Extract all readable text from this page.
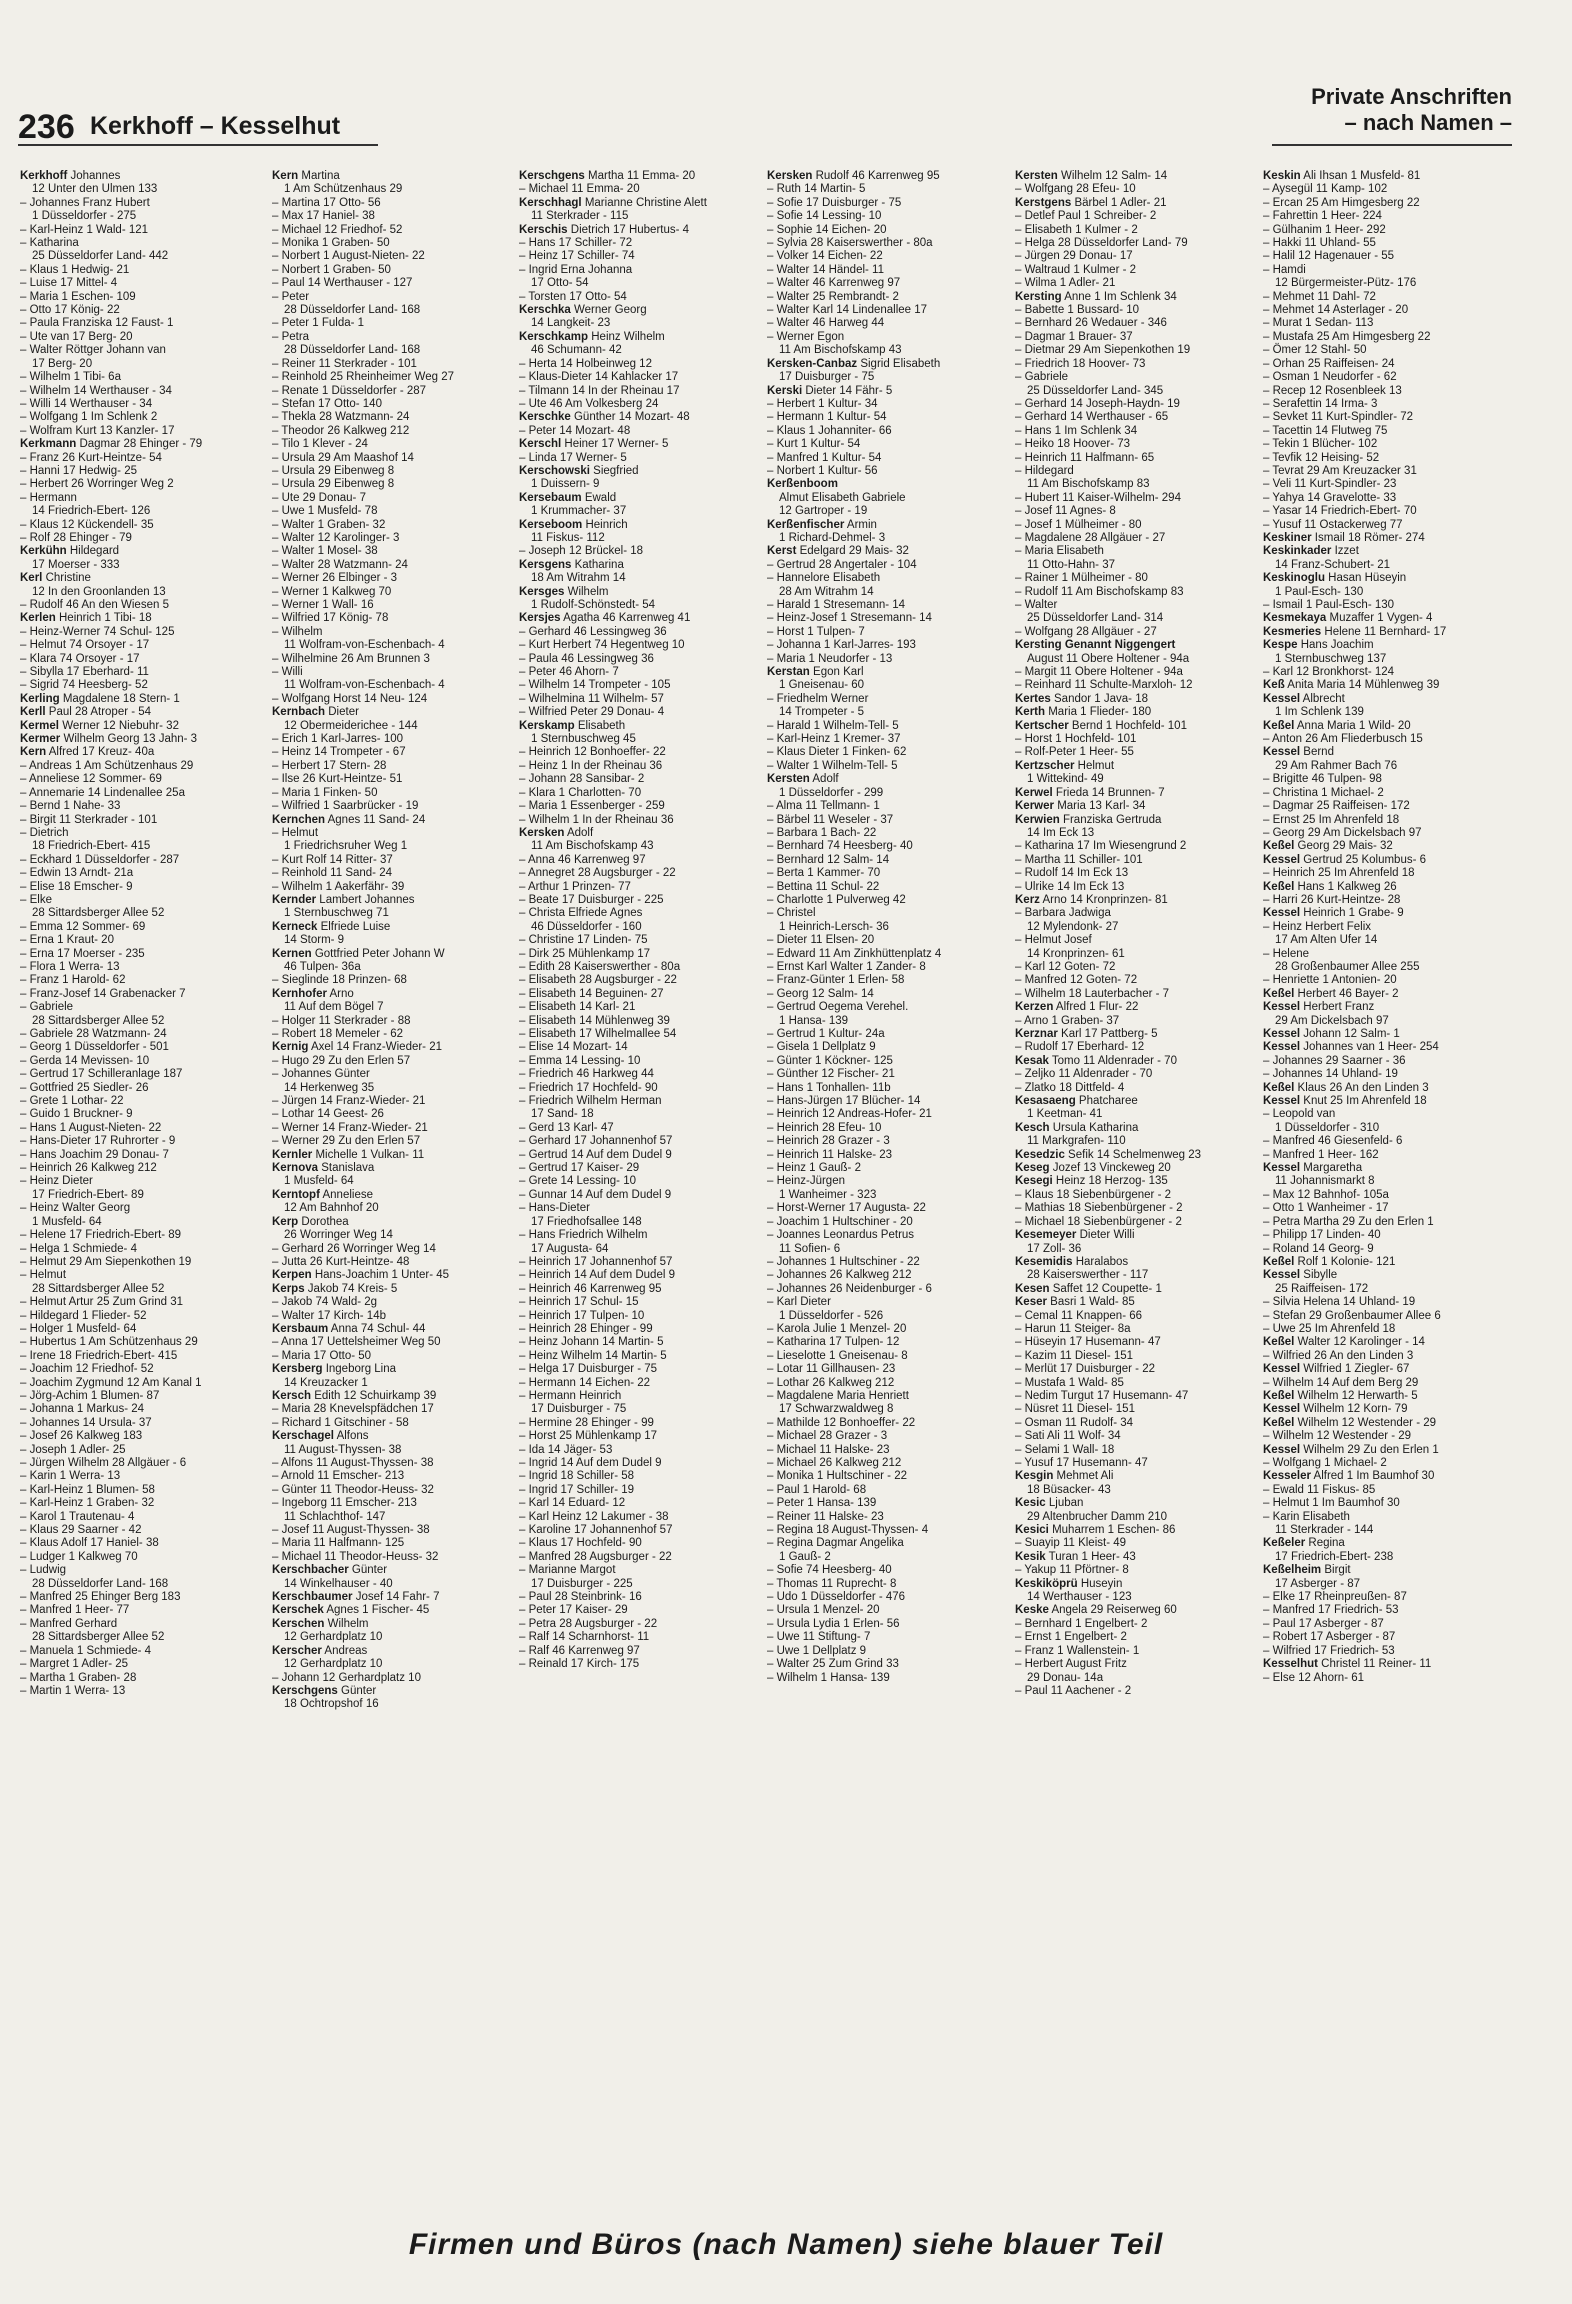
236 Kerkhoff – Kesselhut
Private Anschriften
– nach Namen –
Kerkhoff Johannes
12 Unter den Ulmen 133
– Johannes Franz Hubert
1 Düsseldorfer - 275
– Karl-Heinz 1 Wald- 121
– Katharina
25 Düsseldorfer Land- 442
– Klaus 1 Hedwig- 21
– Luise 17 Mittel- 4
– Maria 1 Eschen- 109
– Otto 17 König- 22
– Paula Franziska 12 Faust- 1
– Ute van 17 Berg- 20
– Walter Röttger Johann van
17 Berg- 20
– Wilhelm 1 Tibi- 6a
– Wilhelm 14 Werthauser - 34
– Willi 14 Werthauser - 34
– Wolfgang 1 Im Schlenk 2
– Wolfram Kurt 13 Kanzler- 17
Kerkmann Dagmar 28 Ehinger - 79
– Franz 26 Kurt-Heintze- 54
– Hanni 17 Hedwig- 25
– Herbert 26 Worringer Weg 2
– Hermann
14 Friedrich-Ebert- 126
– Klaus 12 Kückendell- 35
– Rolf 28 Ehinger - 79
Kerkühn Hildegard
17 Moerser - 333
Kerl Christine
12 In den Groonlanden 13
– Rudolf 46 An den Wiesen 5
Kerlen Heinrich 1 Tibi- 18
– Heinz-Werner 74 Schul- 125
– Helmut 74 Orsoyer - 17
– Klara 74 Orsoyer - 17
– Sibylla 17 Eberhard- 11
– Sigrid 74 Heesberg- 52
Kerling Magdalene 18 Stern- 1
Kerll Paul 28 Atroper - 54
Kermel Werner 12 Niebuhr- 32
Kermer Wilhelm Georg 13 Jahn- 3
Kern Alfred 17 Kreuz- 40a
– Andreas 1 Am Schützenhaus 29
– Anneliese 12 Sommer- 69
– Annemarie 14 Lindenallee 25a
– Bernd 1 Nahe- 33
– Birgit 11 Sterkrader - 101
– Dietrich
18 Friedrich-Ebert- 415
– Eckhard 1 Düsseldorfer - 287
– Edwin 13 Arndt- 21a
– Elise 18 Emscher- 9
– Elke
28 Sittardsberger Allee 52
– Emma 12 Sommer- 69
– Erna 1 Kraut- 20
– Erna 17 Moerser - 235
– Flora 1 Werra- 13
– Franz 1 Harold- 62
– Franz-Josef 14 Grabenacker 7
– Gabriele
28 Sittardsberger Allee 52
– Gabriele 28 Watzmann- 24
– Georg 1 Düsseldorfer - 501
– Gerda 14 Mevissen- 10
– Gertrud 17 Schilleranlage 187
– Gottfried 25 Siedler- 26
– Grete 1 Lothar- 22
– Guido 1 Bruckner- 9
– Hans 1 August-Nieten- 22
– Hans-Dieter 17 Ruhrorter - 9
– Hans Joachim 29 Donau- 7
– Heinrich 26 Kalkweg 212
– Heinz Dieter
17 Friedrich-Ebert- 89
– Heinz Walter Georg
1 Musfeld- 64
– Helene 17 Friedrich-Ebert- 89
– Helga 1 Schmiede- 4
– Helmut 29 Am Siepenkothen 19
– Helmut
28 Sittardsberger Allee 52
– Helmut Artur 25 Zum Grind 31
– Hildegard 1 Flieder- 52
– Holger 1 Musfeld- 64
– Hubertus 1 Am Schützenhaus 29
– Irene 18 Friedrich-Ebert- 415
– Joachim 12 Friedhof- 52
– Joachim Zygmund 12 Am Kanal 1
– Jörg-Achim 1 Blumen- 87
– Johanna 1 Markus- 24
– Johannes 14 Ursula- 37
– Josef 26 Kalkweg 183
– Joseph 1 Adler- 25
– Jürgen Wilhelm 28 Allgäuer - 6
– Karin 1 Werra- 13
– Karl-Heinz 1 Blumen- 58
– Karl-Heinz 1 Graben- 32
– Karol 1 Trautenau- 4
– Klaus 29 Saarner - 42
– Klaus Adolf 17 Haniel- 38
– Ludger 1 Kalkweg 70
– Ludwig
28 Düsseldorfer Land- 168
– Manfred 25 Ehinger Berg 183
– Manfred 1 Heer- 77
– Manfred Gerhard
28 Sittardsberger Allee 52
– Manuela 1 Schmiede- 4
– Margret 1 Adler- 25
– Martha 1 Graben- 28
– Martin 1 Werra- 13
Kern Martina
1 Am Schützenhaus 29
– Martina 17 Otto- 56
– Max 17 Haniel- 38
– Michael 12 Friedhof- 52
– Monika 1 Graben- 50
– Norbert 1 August-Nieten- 22
– Norbert 1 Graben- 50
– Paul 14 Werthauser - 127
– Peter
28 Düsseldorfer Land- 168
– Peter 1 Fulda- 1
– Petra
28 Düsseldorfer Land- 168
– Reiner 11 Sterkrader - 101
– Reinhold 25 Rheinheimer Weg 27
– Renate 1 Düsseldorfer - 287
– Stefan 17 Otto- 140
– Thekla 28 Watzmann- 24
– Theodor 26 Kalkweg 212
– Tilo 1 Klever - 24
– Ursula 29 Am Maashof 14
– Ursula 29 Eibenweg 8
– Ursula 29 Eibenweg 8
– Ute 29 Donau- 7
– Uwe 1 Musfeld- 78
– Walter 1 Graben- 32
– Walter 12 Karolinger- 3
– Walter 1 Mosel- 38
– Walter 28 Watzmann- 24
– Werner 26 Elbinger - 3
– Werner 1 Kalkweg 70
– Werner 1 Wall- 16
– Wilfried 17 König- 78
– Wilhelm
11 Wolfram-von-Eschenbach- 4
– Wilhelmine 26 Am Brunnen 3
– Willi
11 Wolfram-von-Eschenbach- 4
– Wolfgang Horst 14 Neu- 124
Kernbach Dieter
12 Obermeiderichee - 144
– Erich 1 Karl-Jarres- 100
– Heinz 14 Trompeter - 67
– Herbert 17 Stern- 28
– Ilse 26 Kurt-Heintze- 51
– Maria 1 Finken- 50
– Wilfried 1 Saarbrücker - 19
Kernchen Agnes 11 Sand- 24
– Helmut
1 Friedrichsruher Weg 1
– Kurt Rolf 14 Ritter- 37
– Reinhold 11 Sand- 24
– Wilhelm 1 Aakerfähr- 39
Kernder Lambert Johannes
1 Sternbuschweg 71
Kerneck Elfriede Luise
14 Storm- 9
Kernen Gottfried Peter Johann W
46 Tulpen- 36a
– Sieglinde 18 Prinzen- 68
Kernhofer Arno
11 Auf dem Bögel 7
– Holger 11 Sterkrader - 88
– Robert 18 Memeler - 62
Kernig Axel 14 Franz-Wieder- 21
– Hugo 29 Zu den Erlen 57
– Johannes Günter
14 Herkenweg 35
– Jürgen 14 Franz-Wieder- 21
– Lothar 14 Geest- 26
– Werner 14 Franz-Wieder- 21
– Werner 29 Zu den Erlen 57
Kernler Michelle 1 Vulkan- 11
Kernova Stanislava
1 Musfeld- 64
Kerntopf Anneliese
12 Am Bahnhof 20
Kerp Dorothea
26 Worringer Weg 14
– Gerhard 26 Worringer Weg 14
– Jutta 26 Kurt-Heintze- 48
Kerpen Hans-Joachim 1 Unter- 45
Kerps Jakob 74 Kreis- 5
– Jakob 74 Wald- 2g
– Walter 17 Kirch- 14b
Kersbaum Anna 74 Schul- 44
– Anna 17 Uettelsheimer Weg 50
– Maria 17 Otto- 50
Kersberg Ingeborg Lina
14 Kreuzacker 1
Kersch Edith 12 Schuirkamp 39
– Maria 28 Knevelspfädchen 17
– Richard 1 Gitschiner - 58
Kerschagel Alfons
11 August-Thyssen- 38
– Alfons 11 August-Thyssen- 38
– Arnold 11 Emscher- 213
– Günter 11 Theodor-Heuss- 32
– Ingeborg 11 Emscher- 213
11 Schlachthof- 147
– Josef 11 August-Thyssen- 38
– Maria 11 Halfmann- 125
– Michael 11 Theodor-Heuss- 32
Kerschbacher Günter
14 Winkelhauser - 40
Kerschbaumer Josef 14 Fahr- 7
Kerschek Agnes 1 Fischer- 45
Kerschen Wilhelm
12 Gerhardplatz 10
Kerscher Andreas
12 Gerhardplatz 10
– Johann 12 Gerhardplatz 10
Kerschgens Günter
18 Ochtropshof 16
Kerschgens Martha 11 Emma- 20
– Michael 11 Emma- 20
Kerschhagl Marianne Christine Alett
11 Sterkrader - 115
Kerschis Dietrich 17 Hubertus- 4
– Hans 17 Schiller- 72
– Heinz 17 Schiller- 74
– Ingrid Erna Johanna
17 Otto- 54
– Torsten 17 Otto- 54
Kerschka Werner Georg
14 Langkeit- 23
Kerschkamp Heinz Wilhelm
46 Schumann- 42
– Herta 14 Holbeinweg 12
– Klaus-Dieter 14 Kahlacker 17
– Tilmann 14 In der Rheinau 17
– Ute 46 Am Volkesberg 24
Kerschke Günther 14 Mozart- 48
– Peter 14 Mozart- 48
Kerschl Heiner 17 Werner- 5
– Linda 17 Werner- 5
Kerschowski Siegfried
1 Duissern- 9
Kersebaum Ewald
1 Krummacher- 37
Kerseboom Heinrich
11 Fiskus- 112
– Joseph 12 Brückel- 18
Kersgens Katharina
18 Am Witrahm 14
Kersges Wilhelm
1 Rudolf-Schönstedt- 54
Kersjes Agatha 46 Karrenweg 41
– Gerhard 46 Lessingweg 36
– Kurt Herbert 74 Hegentweg 10
– Paula 46 Lessingweg 36
– Peter 46 Ahorn- 7
– Wilhelm 14 Trompeter - 105
– Wilhelmina 11 Wilhelm- 57
– Wilfried Peter 29 Donau- 4
Kerskamp Elisabeth
1 Sternbuschweg 45
– Heinrich 12 Bonhoeffer- 22
– Heinz 1 In der Rheinau 36
– Johann 28 Sansibar- 2
– Klara 1 Charlotten- 70
– Maria 1 Essenberger - 259
– Wilhelm 1 In der Rheinau 36
Kersken Adolf
11 Am Bischofskamp 43
– Anna 46 Karrenweg 97
– Annegret 28 Augsburger - 22
– Arthur 1 Prinzen- 77
– Beate 17 Duisburger - 225
– Christa Elfriede Agnes
46 Düsseldorfer - 160
– Christine 17 Linden- 75
– Dirk 25 Mühlenkamp 17
– Edith 28 Kaiserswerther - 80a
– Elisabeth 28 Augsburger - 22
– Elisabeth 14 Beguinen- 27
– Elisabeth 14 Karl- 21
– Elisabeth 14 Mühlenweg 39
– Elisabeth 17 Wilhelmallee 54
– Elise 14 Mozart- 14
– Emma 14 Lessing- 10
– Friedrich 46 Harkweg 44
– Friedrich 17 Hochfeld- 90
– Friedrich Wilhelm Herman
17 Sand- 18
– Gerd 13 Karl- 47
– Gerhard 17 Johannenhof 57
– Gertrud 14 Auf dem Dudel 9
– Gertrud 17 Kaiser- 29
– Grete 14 Lessing- 10
– Gunnar 14 Auf dem Dudel 9
– Hans-Dieter
17 Friedhofsallee 148
– Hans Friedrich Wilhelm
17 Augusta- 64
– Heinrich 17 Johannenhof 57
– Heinrich 14 Auf dem Dudel 9
– Heinrich 46 Karrenweg 95
– Heinrich 17 Schul- 15
– Heinrich 17 Tulpen- 10
– Heinrich 28 Ehinger - 99
– Heinz Johann 14 Martin- 5
– Heinz Wilhelm 14 Martin- 5
– Helga 17 Duisburger - 75
– Hermann 14 Eichen- 22
– Hermann Heinrich
17 Duisburger - 75
– Hermine 28 Ehinger - 99
– Horst 25 Mühlenkamp 17
– Ida 14 Jäger- 53
– Ingrid 14 Auf dem Dudel 9
– Ingrid 18 Schiller- 58
– Ingrid 17 Schiller- 19
– Karl 14 Eduard- 12
– Karl Heinz 12 Lakumer - 38
– Karoline 17 Johannenhof 57
– Klaus 17 Hochfeld- 90
– Manfred 28 Augsburger - 22
– Marianne Margot
17 Duisburger - 225
– Paul 28 Steinbrink- 16
– Peter 17 Kaiser- 29
– Petra 28 Augsburger - 22
– Ralf 14 Scharnhorst- 11
– Ralf 46 Karrenweg 97
– Reinald 17 Kirch- 175
Kersken Rudolf 46 Karrenweg 95
– Ruth 14 Martin- 5
– Sofie 17 Duisburger - 75
– Sofie 14 Lessing- 10
– Sophie 14 Eichen- 20
– Sylvia 28 Kaiserswerther - 80a
– Volker 14 Eichen- 22
– Walter 14 Händel- 11
– Walter 46 Karrenweg 97
– Walter 25 Rembrandt- 2
– Walter Karl 14 Lindenallee 17
– Walter 46 Harweg 44
– Werner Egon
11 Am Bischofskamp 43
Kersken-Canbaz Sigrid Elisabeth
17 Duisburger - 75
Kerski Dieter 14 Fähr- 5
– Herbert 1 Kultur- 34
– Hermann 1 Kultur- 54
– Klaus 1 Johanniter- 66
– Kurt 1 Kultur- 54
– Manfred 1 Kultur- 54
– Norbert 1 Kultur- 56
Kerßenboom
Almut Elisabeth Gabriele
12 Gartroper - 19
Kerßenfischer Armin
1 Richard-Dehmel- 3
Kerst Edelgard 29 Mais- 32
– Gertrud 28 Angertaler - 104
– Hannelore Elisabeth
28 Am Witrahm 14
– Harald 1 Stresemann- 14
– Heinz-Josef 1 Stresemann- 14
– Horst 1 Tulpen- 7
– Johanna 1 Karl-Jarres- 193
– Maria 1 Neudorfer - 13
Kerstan Egon Karl
1 Gneisenau- 60
– Friedhelm Werner
14 Trompeter - 5
– Harald 1 Wilhelm-Tell- 5
– Karl-Heinz 1 Kremer- 37
– Klaus Dieter 1 Finken- 62
– Walter 1 Wilhelm-Tell- 5
Kersten Adolf
1 Düsseldorfer - 299
– Alma 11 Tellmann- 1
– Bärbel 11 Weseler - 37
– Barbara 1 Bach- 22
– Bernhard 74 Heesberg- 40
– Bernhard 12 Salm- 14
– Berta 1 Kammer- 70
– Bettina 11 Schul- 22
– Charlotte 1 Pulverweg 42
– Christel
1 Heinrich-Lersch- 36
– Dieter 11 Elsen- 20
– Edward 11 Am Zinkhüttenplatz 4
– Ernst Karl Walter 1 Zander- 8
– Franz-Günter 1 Erlen- 58
– Georg 12 Salm- 14
– Gertrud Oegema Verehel.
1 Hansa- 139
– Gertrud 1 Kultur- 24a
– Gisela 1 Dellplatz 9
– Günter 1 Köckner- 125
– Günther 12 Fischer- 21
– Hans 1 Tonhallen- 11b
– Hans-Jürgen 17 Blücher- 14
– Heinrich 12 Andreas-Hofer- 21
– Heinrich 28 Efeu- 10
– Heinrich 28 Grazer - 3
– Heinrich 11 Halske- 23
– Heinz 1 Gauß- 2
– Heinz-Jürgen
1 Wanheimer - 323
– Horst-Werner 17 Augusta- 22
– Joachim 1 Hultschiner - 20
– Joannes Leonardus Petrus
11 Sofien- 6
– Johannes 1 Hultschiner - 22
– Johannes 26 Kalkweg 212
– Johannes 26 Neidenburger - 6
– Karl Dieter
1 Düsseldorfer - 526
– Karola Julie 1 Menzel- 20
– Katharina 17 Tulpen- 12
– Lieselotte 1 Gneisenau- 8
– Lotar 11 Gillhausen- 23
– Lothar 26 Kalkweg 212
– Magdalene Maria Henriett
17 Schwarzwaldweg 8
– Mathilde 12 Bonhoeffer- 22
– Michael 28 Grazer - 3
– Michael 11 Halske- 23
– Michael 26 Kalkweg 212
– Monika 1 Hultschiner - 22
– Paul 1 Harold- 68
– Peter 1 Hansa- 139
– Reiner 11 Halske- 23
– Regina 18 August-Thyssen- 4
– Regina Dagmar Angelika
1 Gauß- 2
– Sofie 74 Heesberg- 40
– Thomas 11 Ruprecht- 8
– Udo 1 Düsseldorfer - 476
– Ursula 1 Menzel- 20
– Ursula Lydia 1 Erlen- 56
– Uwe 11 Stiftung- 7
– Uwe 1 Dellplatz 9
– Walter 25 Zum Grind 33
– Wilhelm 1 Hansa- 139
Kersten Wilhelm 12 Salm- 14
– Wolfgang 28 Efeu- 10
Kerstgens Bärbel 1 Adler- 21
– Detlef Paul 1 Schreiber- 2
– Elisabeth 1 Kulmer - 2
– Helga 28 Düsseldorfer Land- 79
– Jürgen 29 Donau- 17
– Waltraud 1 Kulmer - 2
– Wilma 1 Adler- 21
Kersting Anne 1 Im Schlenk 34
– Babette 1 Bussard- 10
– Bernhard 26 Wedauer - 346
– Dagmar 1 Brauer- 37
– Dietmar 29 Am Siepenkothen 19
– Friedrich 18 Hoover- 73
– Gabriele
25 Düsseldorfer Land- 345
– Gerhard 14 Joseph-Haydn- 19
– Gerhard 14 Werthauser - 65
– Hans 1 Im Schlenk 34
– Heiko 18 Hoover- 73
– Heinrich 11 Halfmann- 65
– Hildegard
11 Am Bischofskamp 83
– Hubert 11 Kaiser-Wilhelm- 294
– Josef 11 Agnes- 8
– Josef 1 Mülheimer - 80
– Magdalene 28 Allgäuer - 27
– Maria Elisabeth
11 Otto-Hahn- 37
– Rainer 1 Mülheimer - 80
– Rudolf 11 Am Bischofskamp 83
– Walter
25 Düsseldorfer Land- 314
– Wolfgang 28 Allgäuer - 27
Kersting Genannt Niggengert
August 11 Obere Holtener - 94a
– Margit 11 Obere Holtener - 94a
– Reinhard 11 Schulte-Marxloh- 12
Kertes Sandor 1 Java- 18
Kerth Maria 1 Flieder- 180
Kertscher Bernd 1 Hochfeld- 101
– Horst 1 Hochfeld- 101
– Rolf-Peter 1 Heer- 55
Kertzscher Helmut
1 Wittekind- 49
Kerwel Frieda 14 Brunnen- 7
Kerwer Maria 13 Karl- 34
Kerwien Franziska Gertruda
14 Im Eck 13
– Katharina 17 Im Wiesengrund 2
– Martha 11 Schiller- 101
– Rudolf 14 Im Eck 13
– Ulrike 14 Im Eck 13
Kerz Arno 14 Kronprinzen- 81
– Barbara Jadwiga
12 Mylendonk- 27
– Helmut Josef
14 Kronprinzen- 61
– Karl 12 Goten- 72
– Manfred 12 Goten- 72
– Wilhelm 18 Lauterbacher - 7
Kerzen Alfred 1 Flur- 22
– Arno 1 Graben- 37
Kerznar Karl 17 Pattberg- 5
– Rudolf 17 Eberhard- 12
Kesak Tomo 11 Aldenrader - 70
– Zeljko 11 Aldenrader - 70
– Zlatko 18 Dittfeld- 4
Kesasaeng Phatcharee
1 Keetman- 41
Kesch Ursula Katharina
11 Markgrafen- 110
Kesedzic Sefik 14 Schelmenweg 23
Keseg Jozef 13 Vinckeweg 20
Kesegi Heinz 18 Herzog- 135
– Klaus 18 Siebenbürgener - 2
– Mathias 18 Siebenbürgener - 2
– Michael 18 Siebenbürgener - 2
Kesemeyer Dieter Willi
17 Zoll- 36
Kesemidis Haralabos
28 Kaiserswerther - 117
Kesen Saffet 12 Coupette- 1
Keser Basri 1 Wald- 85
– Cemal 11 Knappen- 66
– Harun 11 Steiger- 8a
– Hüseyin 17 Husemann- 47
– Kazim 11 Diesel- 151
– Merlüt 17 Duisburger - 22
– Mustafa 1 Wald- 85
– Nedim Turgut 17 Husemann- 47
– Nüsret 11 Diesel- 151
– Osman 11 Rudolf- 34
– Sati Ali 11 Wolf- 34
– Selami 1 Wall- 18
– Yusuf 17 Husemann- 47
Kesgin Mehmet Ali
18 Büsacker- 43
Kesic Ljuban
29 Altenbrucher Damm 210
Kesici Muharrem 1 Eschen- 86
– Suayip 11 Kleist- 49
Kesik Turan 1 Heer- 43
– Yakup 11 Pförtner- 8
Keskiköprü Huseyin
14 Werthauser - 123
Keske Angela 29 Reiserweg 60
– Bernhard 1 Engelbert- 2
– Ernst 1 Engelbert- 2
– Franz 1 Wallenstein- 1
– Herbert August Fritz
29 Donau- 14a
– Paul 11 Aachener - 2
Keskin Ali Ihsan 1 Musfeld- 81
– Aysegül 11 Kamp- 102
– Ercan 25 Am Himgesberg 22
– Fahrettin 1 Heer- 224
– Gülhanim 1 Heer- 292
– Hakki 11 Uhland- 55
– Halil 12 Hagenauer - 55
– Hamdi
12 Bürgermeister-Pütz- 176
– Mehmet 11 Dahl- 72
– Mehmet 14 Asterlager - 20
– Murat 1 Sedan- 113
– Mustafa 25 Am Himgesberg 22
– Ömer 12 Stahl- 50
– Orhan 25 Raiffeisen- 24
– Osman 1 Neudorfer - 62
– Recep 12 Rosenbleek 13
– Serafettin 14 Irma- 3
– Sevket 11 Kurt-Spindler- 72
– Tacettin 14 Flutweg 75
– Tekin 1 Blücher- 102
– Tevfik 12 Heising- 52
– Tevrat 29 Am Kreuzacker 31
– Veli 11 Kurt-Spindler- 23
– Yahya 14 Gravelotte- 33
– Yasar 14 Friedrich-Ebert- 70
– Yusuf 11 Ostackerweg 77
Keskiner Ismail 18 Römer- 274
Keskinkader Izzet
14 Franz-Schubert- 21
Keskinoglu Hasan Hüseyin
1 Paul-Esch- 130
– Ismail 1 Paul-Esch- 130
Kesmekaya Muzaffer 1 Vygen- 4
Kesmeries Helene 11 Bernhard- 17
Kespe Hans Joachim
1 Sternbuschweg 137
– Karl 12 Bronkhorst- 124
Keß Anita Maria 14 Mühlenweg 39
Kessel Albrecht
1 Im Schlenk 139
Keßel Anna Maria 1 Wild- 20
– Anton 26 Am Fliederbusch 15
Kessel Bernd
29 Am Rahmer Bach 76
– Brigitte 46 Tulpen- 98
– Christina 1 Michael- 2
– Dagmar 25 Raiffeisen- 172
– Ernst 25 Im Ahrenfeld 18
– Georg 29 Am Dickelsbach 97
Keßel Georg 29 Mais- 32
Kessel Gertrud 25 Kolumbus- 6
– Heinrich 25 Im Ahrenfeld 18
Keßel Hans 1 Kalkweg 26
– Harri 26 Kurt-Heintze- 28
Kessel Heinrich 1 Grabe- 9
– Heinz Herbert Felix
17 Am Alten Ufer 14
– Helene
28 Großenbaumer Allee 255
– Henriette 1 Antonien- 20
Keßel Herbert 46 Bayer- 2
Kessel Herbert Franz
29 Am Dickelsbach 97
Kessel Johann 12 Salm- 1
Kessel Johannes van 1 Heer- 254
– Johannes 29 Saarner - 36
– Johannes 14 Uhland- 19
Keßel Klaus 26 An den Linden 3
Kessel Knut 25 Im Ahrenfeld 18
– Leopold van
1 Düsseldorfer - 310
– Manfred 46 Giesenfeld- 6
– Manfred 1 Heer- 162
Kessel Margaretha
11 Johannismarkt 8
– Max 12 Bahnhof- 105a
– Otto 1 Wanheimer - 17
– Petra Martha 29 Zu den Erlen 1
– Philipp 17 Linden- 40
– Roland 14 Georg- 9
Keßel Rolf 1 Kolonie- 121
Kessel Sibylle
25 Raiffeisen- 172
– Silvia Helena 14 Uhland- 19
– Stefan 29 Großenbaumer Allee 6
– Uwe 25 Im Ahrenfeld 18
Keßel Walter 12 Karolinger - 14
– Wilfried 26 An den Linden 3
Kessel Wilfried 1 Ziegler- 67
– Wilhelm 14 Auf dem Berg 29
Keßel Wilhelm 12 Herwarth- 5
Kessel Wilhelm 12 Korn- 79
Keßel Wilhelm 12 Westender - 29
– Wilhelm 12 Westender - 29
Kessel Wilhelm 29 Zu den Erlen 1
– Wolfgang 1 Michael- 2
Kesseler Alfred 1 Im Baumhof 30
– Ewald 11 Fiskus- 85
– Helmut 1 Im Baumhof 30
– Karin Elisabeth
11 Sterkrader - 144
Keßeler Regina
17 Friedrich-Ebert- 238
Keßelheim Birgit
17 Asberger - 87
– Elke 17 Rheinpreußen- 87
– Manfred 17 Friedrich- 53
– Paul 17 Asberger - 87
– Robert 17 Asberger - 87
– Wilfried 17 Friedrich- 53
Kesselhut Christel 11 Reiner- 11
– Else 12 Ahorn- 61
Firmen und Büros (nach Namen) siehe blauer Teil
